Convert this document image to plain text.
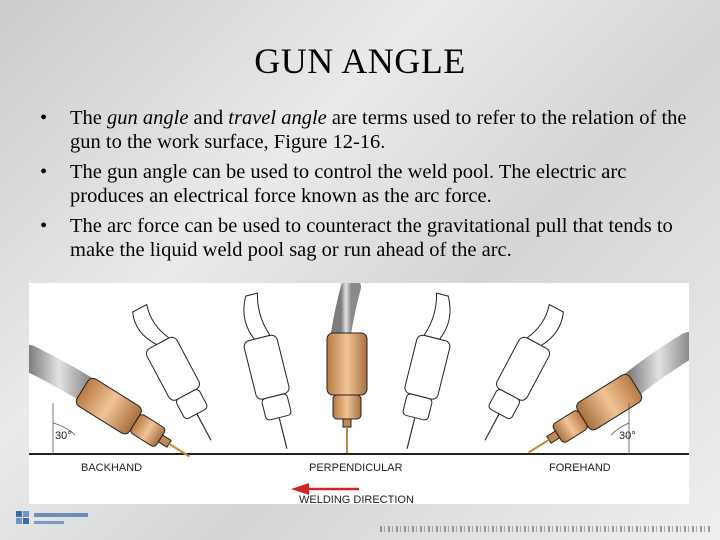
GUN ANGLE
• The gun angle and travel angle are terms used to refer to the relation of the gun to the work surface, Figure 12-16.
• The gun angle can be used to control the weld pool. The electric arc produces an electrical force known as the arc force.
• The arc force can be used to counteract the gravitational pull that tends to make the liquid weld pool sag or run ahead of the arc.
30°
BACKHAND	PERPENDICULAR
30°
FOREHAND
WELDING DIRECTION
